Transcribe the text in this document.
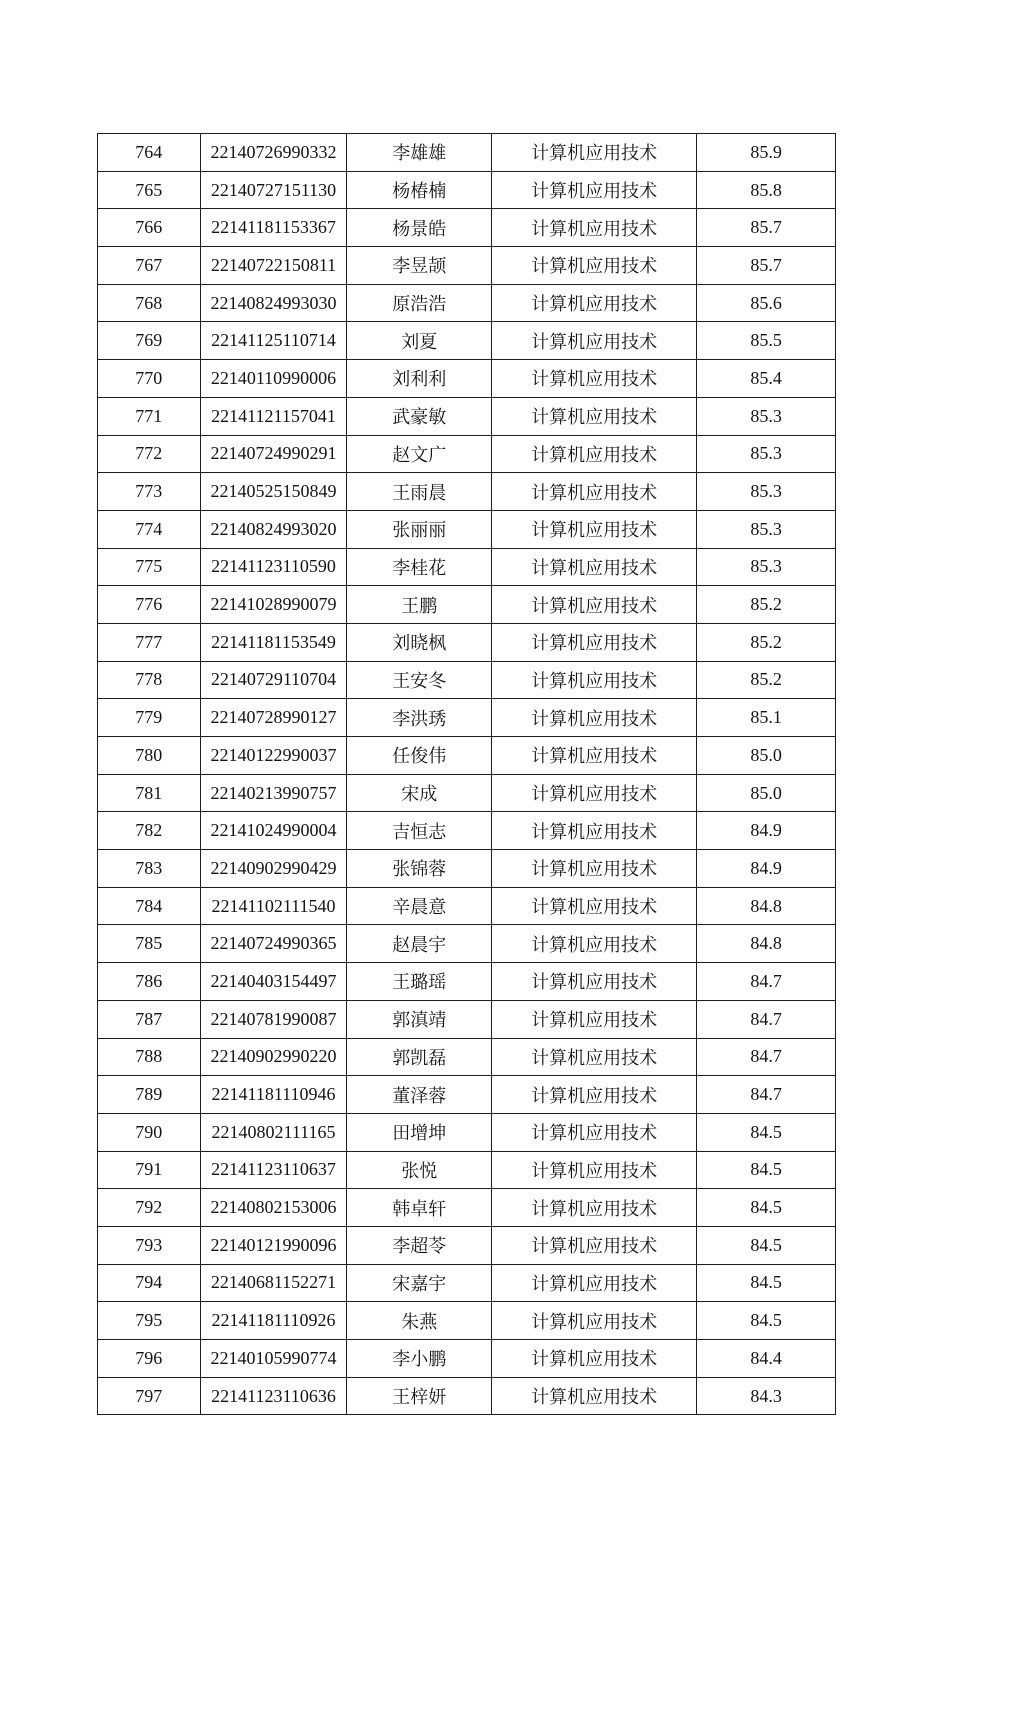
764	22140726990332	李雄雄	计算机应用技术	85.9
765	22140727151130	杨椿楠	计算机应用技术	85.8
766	22141181153367	杨景皓	计算机应用技术	85.7
767	22140722150811	李昱颉	计算机应用技术	85.7
768	22140824993030	原浩浩	计算机应用技术	85.6
769	22141125110714	刘夏	计算机应用技术	85.5
770	22140110990006	刘利利	计算机应用技术	85.4
771	22141121157041	武豪敏	计算机应用技术	85.3
772	22140724990291	赵文广	计算机应用技术	85.3
773	22140525150849	王雨晨	计算机应用技术	85.3
774	22140824993020	张丽丽	计算机应用技术	85.3
775	22141123110590	李桂花	计算机应用技术	85.3
776	22141028990079	王鹏	计算机应用技术	85.2
777	22141181153549	刘晓枫	计算机应用技术	85.2
778	22140729110704	王安冬	计算机应用技术	85.2
779	22140728990127	李洪琇	计算机应用技术	85.1
780	22140122990037	任俊伟	计算机应用技术	85.0
781	22140213990757	宋成	计算机应用技术	85.0
782	22141024990004	吉恒志	计算机应用技术	84.9
783	22140902990429	张锦蓉	计算机应用技术	84.9
784	22141102111540	辛晨意	计算机应用技术	84.8
785	22140724990365	赵晨宇	计算机应用技术	84.8
786	22140403154497	王璐瑶	计算机应用技术	84.7
787	22140781990087	郭滇靖	计算机应用技术	84.7
788	22140902990220	郭凯磊	计算机应用技术	84.7
789	22141181110946	董泽蓉	计算机应用技术	84.7
790	22140802111165	田增坤	计算机应用技术	84.5
791	22141123110637	张悦	计算机应用技术	84.5
792	22140802153006	韩卓轩	计算机应用技术	84.5
793	22140121990096	李超苓	计算机应用技术	84.5
794	22140681152271	宋嘉宇	计算机应用技术	84.5
795	22141181110926	朱燕	计算机应用技术	84.5
796	22140105990774	李小鹏	计算机应用技术	84.4
797	22141123110636	王梓妍	计算机应用技术	84.3
